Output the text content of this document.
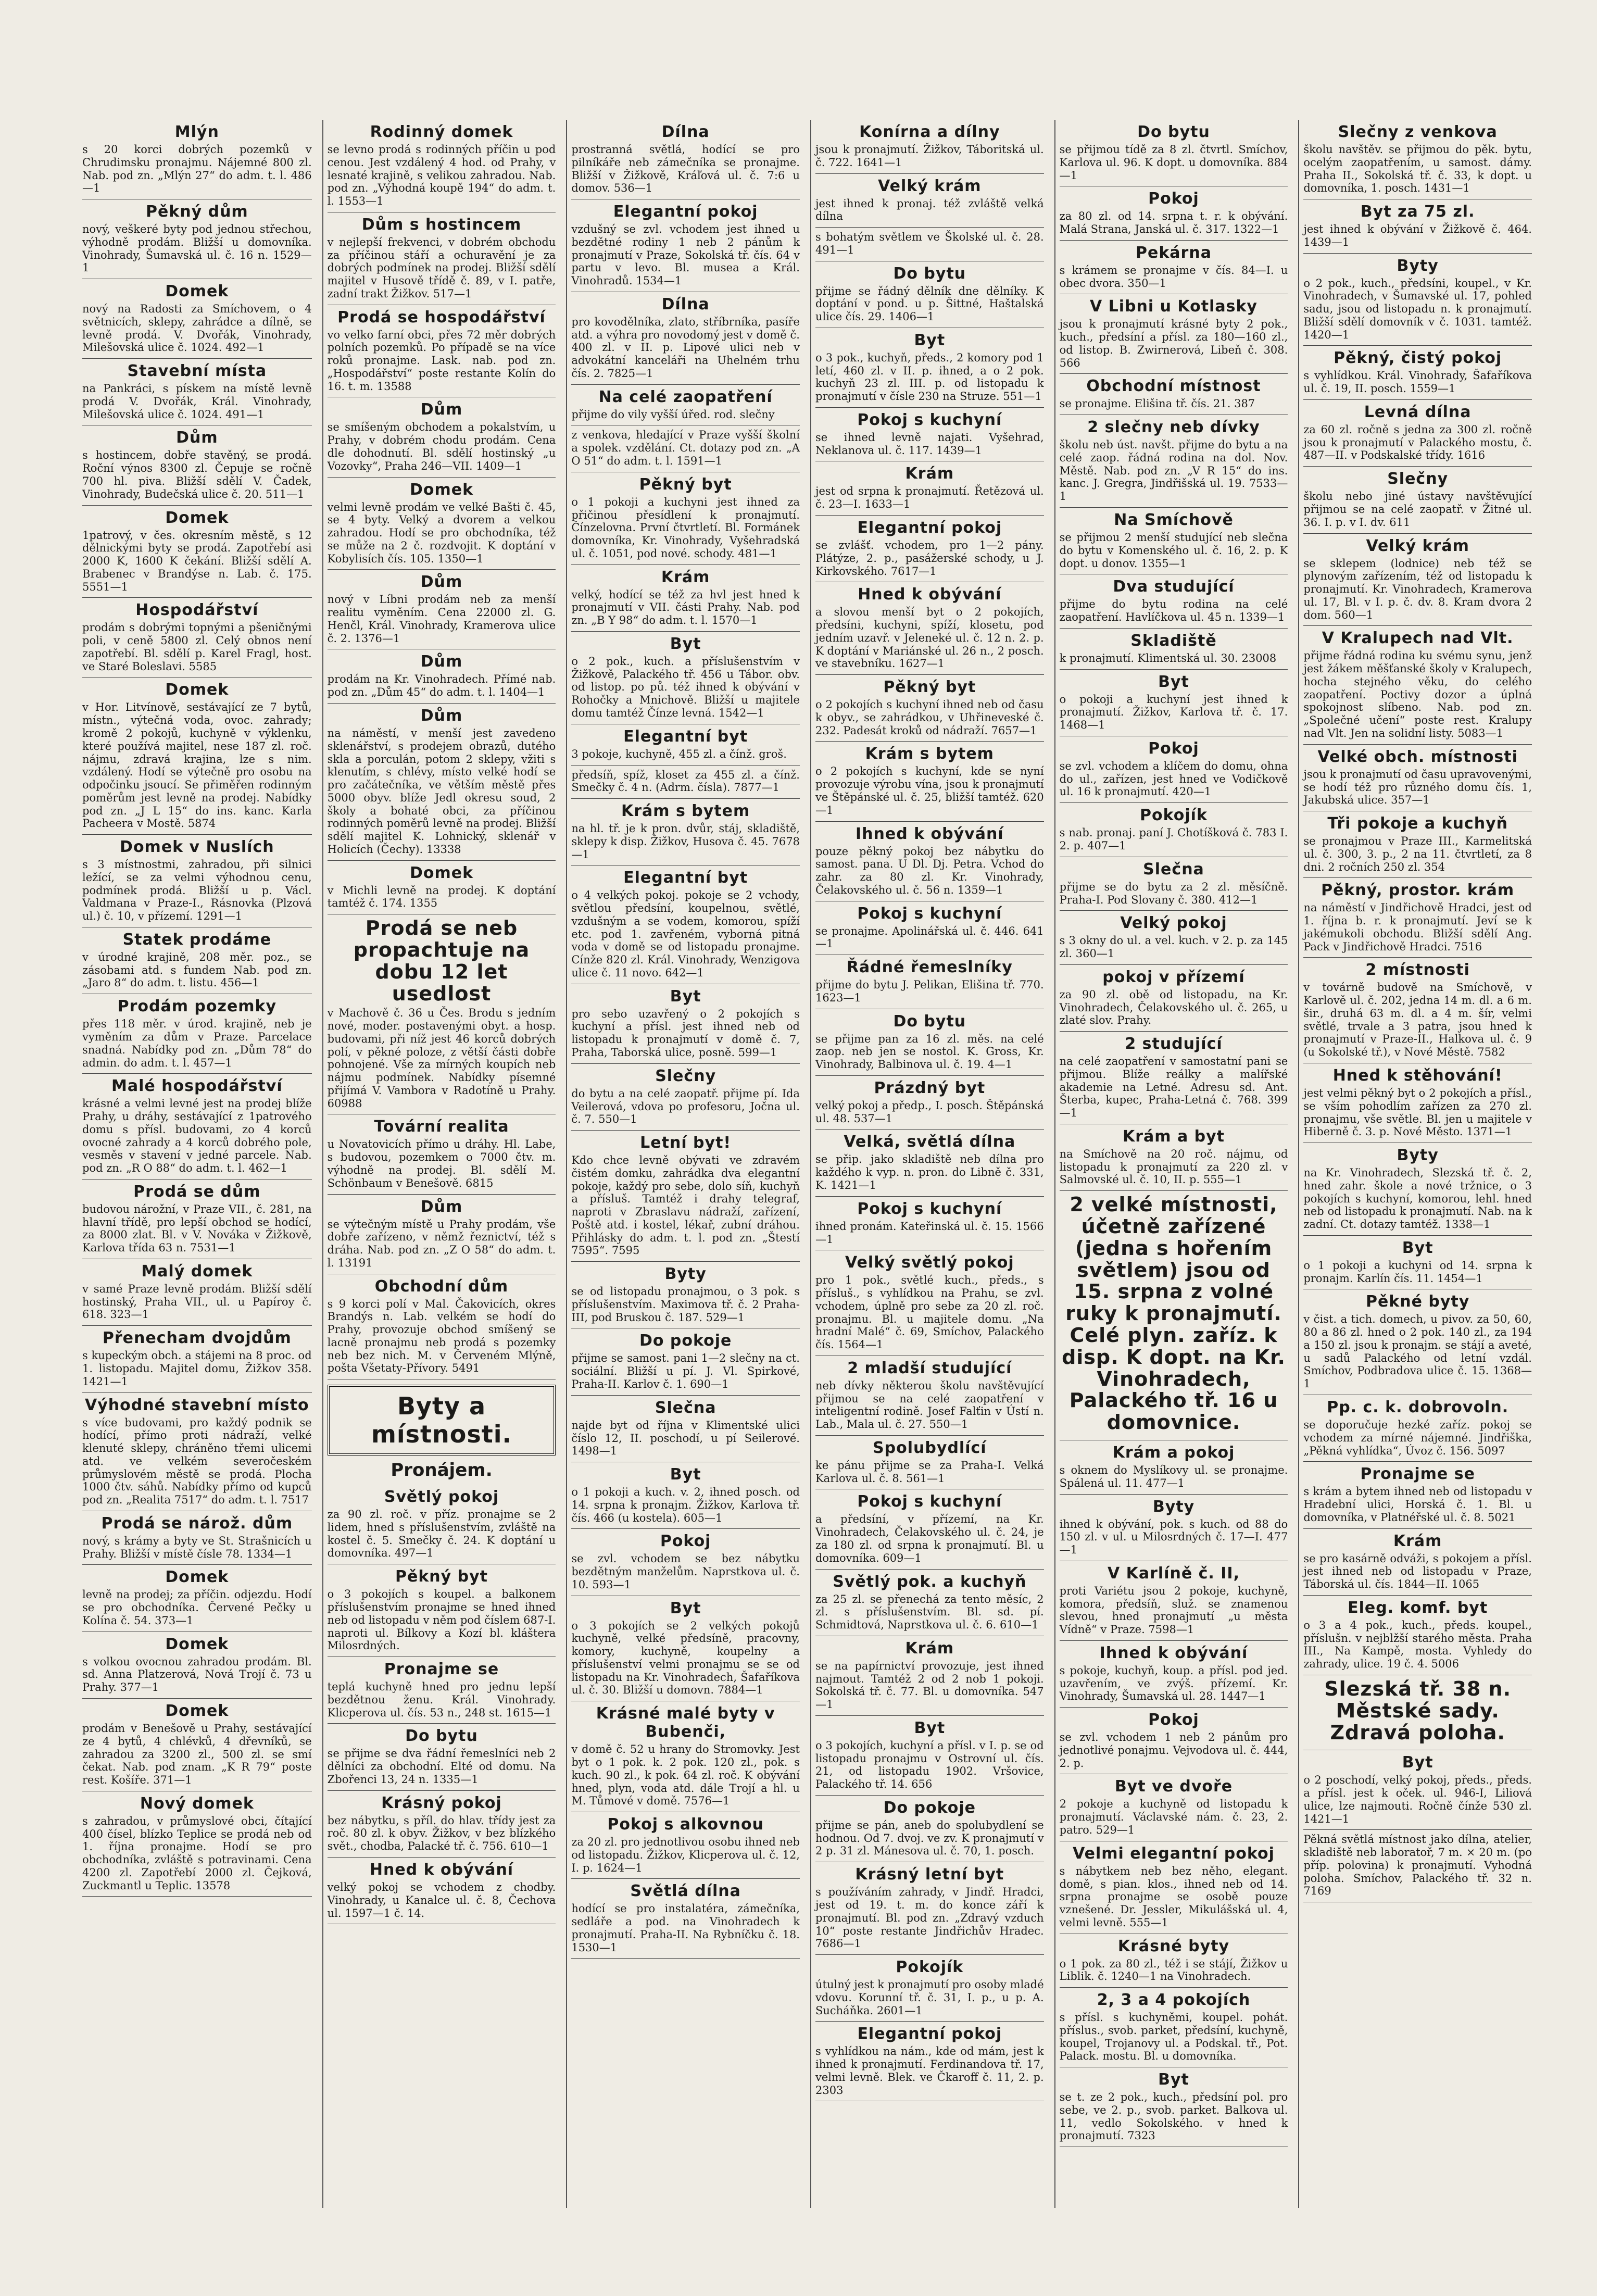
Mlýn

s 20 korci dobrých pozemků v Chrudimsku pronajmu. Nájemné 800 zl. Nab. pod zn. „Mlýn 27“ do adm. t. l. 486—1

Pěkný dům

nový, veškeré byty pod jednou střechou, výhodně prodám. Bližší u domovníka. Vinohrady, Šumavská ul. č. 16 n. 1529—1

Domek

nový na Radosti za Smíchovem, o 4 světnicích, sklepy, zahrádce a dílně, se levně prodá. V. Dvořák, Vinohrady, Milešovská ulice č. 1024. 492—1

Stavební místa

na Pankráci, s pískem na místě levně prodá V. Dvořák, Král. Vinohrady, Milešovská ulice č. 1024. 491—1

Dům

s hostincem, dobře stavěný, se prodá. Roční výnos 8300 zl. Čepuje se ročně 700 hl. piva. Bližší sdělí V. Čadek, Vinohrady, Budečská ulice č. 20. 511—1

Domek

1patrový, v čes. okresním městě, s 12 dělnickými byty se prodá. Zapotřebí asi 2000 K, 1600 K čekání. Bližší sdělí A. Brabenec v Brandýse n. Lab. č. 175. 5551—1

Hospodářství

prodám s dobrými topnými a pšeničnými poli, v ceně 5800 zl. Celý obnos není zapotřebí. Bl. sdělí p. Karel Fragl, host. ve Staré Boleslavi. 5585

Domek

v Hor. Litvínově, sestávající ze 7 bytů, místn., výtečná voda, ovoc. zahrady; kromě 2 pokojů, kuchyně v výklenku, které používá majitel, nese 187 zl. roč. nájmu, zdravá krajina, lze s nim. vzdálený. Hodí se výtečně pro osobu na odpočinku jsoucí. Se přiměřen rodinným poměrům jest levně na prodej. Nabídky pod zn. „J L 15“ do ins. kanc. Karla Pacheera v Mostě. 5874

Domek v Nuslích

s 3 místnostmi, zahradou, při silnici ležící, se za velmi výhodnou cenu, podmínek prodá. Bližší u p. Václ. Valdmana v Praze-I., Rásnovka (Plzová ul.) č. 10, v přízemí. 1291—1

Statek prodáme

v úrodné krajině, 208 měr. poz., se zásobami atd. s fundem Nab. pod zn. „Jaro 8“ do adm. t. listu. 456—1

Prodám pozemky

přes 118 měr. v úrod. krajině, neb je vyměním za dům v Praze. Parcelace snadná. Nabídky pod zn. „Dům 78“ do admin. do adm. t. l. 457—1

Malé hospodářství

krásné a velmi levné jest na prodej blíže Prahy, u dráhy, sestávající z 1patrového domu s přísl. budovami, zo 4 korců ovocné zahrady a 4 korců dobrého pole, vesměs v stavení v jedné parcele. Nab. pod zn. „R O 88“ do adm. t. l. 462—1

Prodá se dům

budovou nárožní, v Praze VII., č. 281, na hlavní třídě, pro lepší obchod se hodící, za 8000 zlat. Bl. v V. Nováka v Žižkově, Karlova třída 63 n. 7531—1

Malý domek

v samé Praze levně prodám. Bližší sdělí hostinský, Praha VII., ul. u Papíroy č. 618. 323—1

Přenecham dvojdům

s kupeckým obch. a stájemi na 8 proc. od 1. listopadu. Majitel domu, Žižkov 358. 1421—1

Výhodné stavební místo

s více budovami, pro každý podnik se hodící, přímo proti nádraží, velké klenuté sklepy, chráněno třemi ulicemi atd. ve velkém severočeském průmyslovém městě se prodá. Plocha 1000 čtv. sáhů. Nabídky přímo od kupců pod zn. „Realita 7517“ do adm. t. l. 7517

Prodá se nárož. dům

nový, s krámy a byty ve St. Strašnicích u Prahy. Bližší v místě čísle 78. 1334—1

Domek

levně na prodej; za příčin. odjezdu. Hodí se pro obchodníka. Červené Pečky u Kolína č. 54. 373—1

Domek

s volkou ovocnou zahradou prodám. Bl. sd. Anna Platzerová, Nová Trojí č. 73 u Prahy. 377—1

Domek

prodám v Benešově u Prahy, sestávající ze 4 bytů, 4 chlévků, 4 dřevníků, se zahradou za 3200 zl., 500 zl. se smí čekat. Nab. pod znam. „K R 79“ poste rest. Košíře. 371—1

Nový domek

s zahradou, v průmyslové obci, čítající 400 čísel, blízko Teplice se prodá neb od 1. října pronajme. Hodí se pro obchodníka, zvláště s potravinami. Cena 4200 zl. Zapotřebí 2000 zl. Čejková, Zuckmantl u Teplic. 13578

Rodinný domek

se levno prodá s rodinných příčin u pod cenou. Jest vzdálený 4 hod. od Prahy, v lesnaté krajině, s velikou zahradou. Nab. pod zn. „Výhodná koupě 194“ do adm. t. l. 1553—1

Dům s hostincem

v nejlepší frekvenci, v dobrém obchodu za příčinou stáří a ochuravění je za dobrých podmínek na prodej. Bližší sdělí majitel v Husově třídě č. 89, v I. patře, zadní trakt Žižkov. 517—1

Prodá se hospodářství

vo velko farní obci, přes 72 měr dobrých polních pozemků. Po případě se na více roků pronajme. Lask. nab. pod zn. „Hospodářství“ poste restante Kolín do 16. t. m. 13588

Dům

se smíšeným obchodem a pokalstvím, u Prahy, v dobrém chodu prodám. Cena dle dohodnutí. Bl. sdělí hostinský „u Vozovky“, Praha 246—VII. 1409—1

Domek

velmi levně prodám ve velké Bašti č. 45, se 4 byty. Velký a dvorem a velkou zahradou. Hodí se pro obchodníka, též se může na 2 č. rozdvojit. K doptání v Kobylisích čís. 105. 1350—1

Dům

nový v Líbni prodám neb za menší realitu vyměním. Cena 22000 zl. G. Henčl, Král. Vinohrady, Kramerova ulice č. 2. 1376—1

Dům

prodám na Kr. Vinohradech. Přímé nab. pod zn. „Dům 45“ do adm. t. l. 1404—1

Dům

na náměstí, v menší jest zavedeno sklenářství, s prodejem obrazů, dutého skla a porculán, potom 2 sklepy, vžiti s klenutím, s chlévy, místo velké hodí se pro začátečníka, ve větším městě přes 5000 obyv. blíže Jedl okresu soud, 2 školy a bohaté obci, za příčinou rodinných poměrů levně na prodej. Bližší sdělí majitel K. Lohnický, sklenář v Holicích (Čechy). 13338

Domek

v Michli levně na prodej. K doptání tamtéž č. 174. 1355

Prodá se neb propachtuje na dobu 12 let usedlost

v Machově č. 36 u Čes. Brodu s jedním nové, moder. postavenými obyt. a hosp. budovami, při níž jest 46 korců dobrých polí, v pěkné poloze, z větší části dobře pohnojené. Vše za mírných koupích neb nájmu podmínek. Nabídky písemné přijímá V. Vambora v Radotíně u Prahy. 60988

Tovární realita

u Novatovicích přímo u dráhy. Hl. Labe, s budovou, pozemkem o 7000 čtv. m. výhodně na prodej. Bl. sdělí M. Schönbaum v Benešově. 6815

Dům

se výtečným místě u Prahy prodám, vše dobře zařízeno, v němž řeznictví, též s dráha. Nab. pod zn. „Z O 58“ do adm. t. l. 13191

Obchodní dům

s 9 korci polí v Mal. Čakovicích, okres Brandýs n. Lab. velkém se hodí do Prahy, provozuje obchod smíšený se lacně pronajmu neb prodá s pozemky neb bez nich. M. v Červeném Mlýně, pošta Všetaty-Přívory. 5491

Byty a místnosti.
Pronájem.
Světlý pokoj

za 90 zl. roč. v příz. pronajme se 2 lidem, hned s příslušenstvím, zvláště na kostel č. 5. Smečky č. 24. K doptání u domovníka. 497—1

Pěkný byt

o 3 pokojích s koupel. a balkonem příslušenstvím pronajme se hned ihned neb od listopadu v něm pod číslem 687-I. naproti ul. Bílkovy a Kozí bl. kláštera Milosrdných.

Pronajme se

teplá kuchyně hned pro jednu lepší bezdětnou ženu. Král. Vinohrady. Klicperova ul. čís. 53 n., 248 st. 1615—1

Do bytu

se přijme se dva řádní řemeslníci neb 2 dělníci za obchodní. Elté od domu. Na Zbořenci 13, 24 n. 1335—1

Krásný pokoj

bez nábytku, s příl. do hlav. třídy jest za roč. 80 zl. k obyv. Žižkov, v bez blízkého svět., chodba, Palacké tř. č. 756. 610—1

Hned k obývání

velký pokoj se vchodem z chodby. Vinohrady, u Kanalce ul. č. 8, Čechova ul. 1597—1 č. 14.

Dílna

prostranná světlá, hodící se pro pilníkáře neb zámečníka se pronajme. Bližší v Žižkově, Kráľová ul. č. 7:6 u domov. 536—1

Elegantní pokoj

vzdušný se zvl. vchodem jest ihned u bezdětné rodiny 1 neb 2 pánům k pronajmutí v Praze, Sokolská tř. čís. 64 v partu v levo. Bl. musea a Král. Vinohradů. 1534—1

Dílna

pro kovodělníka, zlato, stříbrníka, pasíře atd. a výhra pro novodomý jest v domě č. 400 zl. v II. p. Lipové ulici neb v advokátní kanceláři na Uhelném trhu čís. 2. 7825—1

Na celé zaopatření

přijme do vily vyšší úřed. rod. slečny

z venkova, hledající v Praze vyšší školní a spolek. vzdělání. Ct. dotazy pod zn. „A O 51“ do adm. t. l. 1591—1

Pěkný byt

o 1 pokoji a kuchyni jest ihned za přičinou přesídlení k pronajmutí. Čínzelovna. První čtvrtletí. Bl. Formánek domovníka, Kr. Vinohrady, Vyšehradská ul. č. 1051, pod nové. schody. 481—1

Krám

velký, hodící se též za hvl jest hned k pronajmutí v VII. části Prahy. Nab. pod zn. „B Y 98“ do adm. t. l. 1570—1

Byt

o 2 pok., kuch. a příslušenstvím v Žižkově, Palackého tř. 456 u Tábor. obv. od listop. po pů. též ihned k obývání v Rohočky a Mnichově. Bližší u majitele domu tamtéž Čínze levná. 1542—1

Elegantní byt

3 pokoje, kuchyně, 455 zl. a čínž. groš.

předsíň, spíž, kloset za 455 zl. a čínž. Smečky č. 4 n. (Adrm. čísla). 7877—1

Krám s bytem

na hl. tř. je k pron. dvůr, stáj, skladiště, sklepy k disp. Žižkov, Husova č. 45. 7678—1

Elegantní byt

o 4 velkých pokoj. pokoje se 2 vchody, světlou předsíní, koupelnou, světlé, vzdušným a se vodem, komorou, spíží etc. pod 1. zavřeném, vyborná pitná voda v domě se od listopadu pronajme. Cínže 820 zl. Král. Vinohrady, Wenzigova ulice č. 11 novo. 642—1

Byt

pro sebo uzavřený o 2 pokojích s kuchyní a přísl. jest ihned neb od listopadu k pronajmutí v domě č. 7, Praha, Taborská ulice, posně. 599—1

Slečny

do bytu a na celé zaopatř. přijme pí. Ida Veilerová, vdova po profesoru, Jočna ul. č. 7. 550—1

Letní byt!

Kdo chce levně obývati ve zdravém čistém domku, zahrádka dva elegantní pokoje, každý pro sebe, dolo síň, kuchyň a přísluš. Tamtéž i drahy telegraf, naproti v Zbraslavu nádraží, zařízení, Poště atd. i kostel, lékař, zubní dráhou. Přihlásky do adm. t. l. pod zn. „Štestí 7595“. 7595

Byty

se od listopadu pronajmou, o 3 pok. s příslušenstvím. Maximova tř. č. 2 Praha-III, pod Bruskou č. 187. 529—1

Do pokoje

přijme se samost. pani 1—2 slečny na ct. sociální. Bližší u pí. J. Vl. Spirkové, Praha-II. Karlov č. 1. 690—1

Slečna

najde byt od října v Klimentské ulici číslo 12, II. poschodí, u pí Seilerové. 1498—1

Byt

o 1 pokoji a kuch. v. 2, ihned posch. od 14. srpna k pronajm. Žižkov, Karlova tř. čís. 466 (u kostela). 605—1

Pokoj

se zvl. vchodem se bez nábytku bezdětným manželům. Naprstkova ul. č. 10. 593—1

Byt

o 3 pokojích se 2 velkých pokojů kuchyně, velké předsíně, pracovny, komory, kuchyně, koupelny a příslušenství velmi pronajmu se se od listopadu na Kr. Vinohradech, Šafaříkova ul. č. 30. Bližší u domovn. 7884—1

Krásné malé byty v Bubenči,

v domě č. 52 u hrany do Stromovky. Jest byt o 1 pok. k. 2 pok. 120 zl., pok. s kuch. 90 zl., k pok. 64 zl. roč. K obývání hned, plyn, voda atd. dále Trojí a hl. u M. Tůmové v domě. 7576—1

Pokoj s alkovnou

za 20 zl. pro jednotlivou osobu ihned neb od listopadu. Žižkov, Klicperova ul. č. 12, I. p. 1624—1

Světlá dílna

hodící se pro instalatéra, zámečníka, sedláře a pod. na Vinohradech k pronajmutí. Praha-II. Na Rybníčku č. 18. 1530—1

Konírna a dílny

jsou k pronajmutí. Žižkov, Táboritská ul. č. 722. 1641—1

Velký krám

jest ihned k pronaj. též zvláště velká dílna

s bohatým světlem ve Školské ul. č. 28. 491—1

Do bytu

přijme se řádný dělník dne dělníky. K doptání v pond. u p. Šittné, Haštalská ulice čís. 29. 1406—1

Byt

o 3 pok., kuchyň, předs., 2 komory pod 1 letí, 460 zl. v II. p. ihned, a o 2 pok. kuchyň 23 zl. III. p. od listopadu k pronajmutí v čísle 230 na Struze. 551—1

Pokoj s kuchyní

se ihned levně najati. Vyšehrad, Neklanova ul. č. 117. 1439—1

Krám

jest od srpna k pronajmutí. Řetězová ul. č. 23—I. 1633—1

Elegantní pokoj

se zvlášť. vchodem, pro 1—2 pány. Plátýze, 2. p., pasážerské schody, u J. Kirkovského. 7617—1

Hned k obývání

a slovou menší byt o 2 pokojích, předsíni, kuchyni, spíží, klosetu, pod jedním uzavř. v Jeleneké ul. č. 12 n. 2. p. K doptání v Mariánské ul. 26 n., 2 posch. ve stavebníku. 1627—1

Pěkný byt

o 2 pokojích s kuchyní ihned neb od času k obyv., se zahrádkou, v Uhřineveské č. 232. Padesát kroků od nádraží. 7657—1

Krám s bytem

o 2 pokojích s kuchyní, kde se nyní provozuje výrobu vína, jsou k pronajmutí ve Štěpánské ul. č. 25, bližší tamtéž. 620—1

Ihned k obývání

pouze pěkný pokoj bez nábytku do samost. pana. U Dl. Dj. Petra. Vchod do zahr. za 80 zl. Kr. Vinohrady, Čelakovského ul. č. 56 n. 1359—1

Pokoj s kuchyní

se pronajme. Apolinářská ul. č. 446. 641—1

Řádné řemeslníky

přijme do bytu J. Pelikan, Elišina tř. 770. 1623—1

Do bytu

se přijme pan za 16 zl. měs. na celé zaop. neb jen se nostol. K. Gross, Kr. Vinohrady, Balbinova ul. č. 19. 4—1

Prázdný byt

velký pokoj a předp., I. posch. Štěpánská ul. 48. 537—1

Velká, světlá dílna

se přip. jako skladiště neb dílna pro každého k vyp. n. pron. do Libně č. 331, K. 1421—1

Pokoj s kuchyní

ihned pronám. Kateřinská ul. č. 15. 1566—1

Velký světlý pokoj

pro 1 pok., světlé kuch., předs., s přísluš., s vyhlídkou na Prahu, se zvl. vchodem, úplně pro sebe za 20 zl. roč. pronajmu. Bl. u majitele domu. „Na hradní Malé“ č. 69, Smíchov, Palackého čís. 1564—1

2 mladší studující

neb dívky některou školu navštěvující přijmou se na celé zaopatření v inteligentní rodině. Josef Falťin v Ústí n. Lab., Mala ul. č. 27. 550—1

Spolubydlící

ke pánu přijme se za Praha-I. Velká Karlova ul. č. 8. 561—1

Pokoj s kuchyní

a předsíní, v přízemí, na Kr. Vinohradech, Čelakovského ul. č. 24, je za 180 zl. od srpna k pronajmutí. Bl. u domovníka. 609—1

Světlý pok. a kuchyň

za 25 zl. se přenechá za tento měsíc, 2 zl. s příslušenstvím. Bl. sd. pí. Schmidtová, Naprstkova ul. č. 6. 610—1

Krám

se na papírnictví provozuje, jest ihned najmout. Tamtéž 2 od 2 nob 1 pokoji. Sokolská tř. č. 77. Bl. u domovníka. 547—1

Byt

o 3 pokojích, kuchyní a přísl. v I. p. se od listopadu pronajmu v Ostrovní ul. čís. 21, od listopadu 1902. Vršovice, Palackého tř. 14. 656

Do pokoje

přijme se pán, aneb do spolubydlení se hodnou. Od 7. dvoj. ve zv. K pronajmutí v 2 p. 31 zl. Mánesova ul. č. 70, 1. posch.

Krásný letní byt

s používáním zahrady, v Jindř. Hradci, jest od 19. t. m. do konce září k pronajmutí. Bl. pod zn. „Zdravý vzduch 10“ poste restante Jindřichův Hradec. 7686—1

Pokojík

útulný jest k pronajmutí pro osoby mladé vdovu. Korunní tř. č. 31, I. p., u p. A. Sucháňka. 2601—1

Elegantní pokoj

s vyhlídkou na nám., kde od mám, jest k ihned k pronajmutí. Ferdinandova tř. 17, velmi levně. Blek. ve Čkaroff č. 11, 2. p. 2303

Do bytu

se přijmou tídě za 8 zl. čtvrtl. Smíchov, Karlova ul. 96. K dopt. u domovníka. 884—1

Pokoj

za 80 zl. od 14. srpna t. r. k obývání. Malá Strana, Janská ul. č. 317. 1322—1

Pekárna

s krámem se pronajme v čís. 84—I. u obec dvora. 350—1

V Libni u Kotlasky

jsou k pronajmutí krásné byty 2 pok., kuch., předsíní a přísl. za 180—160 zl., od listop. B. Zwirnerová, Libeň č. 308. 566

Obchodní místnost

se pronajme. Elišina tř. čís. 21. 387

2 slečny neb dívky

školu neb úst. navšt. přijme do bytu a na celé zaop. řádná rodina na dol. Nov. Městě. Nab. pod zn. „V R 15“ do ins. kanc. J. Gregra, Jindřišská ul. 19. 7533—1

Na Smíchově

se přijmou 2 menší studující neb slečna do bytu v Komenského ul. č. 16, 2. p. K dopt. u donov. 1355—1

Dva studující

přijme do bytu rodina na celé zaopatření. Havlíčkova ul. 45 n. 1339—1

Skladiště

k pronajmutí. Klimentská ul. 30. 23008

Byt

o pokoji a kuchyní jest ihned k pronajmutí. Žižkov, Karlova tř. č. 17. 1468—1

Pokoj

se zvl. vchodem a klíčem do domu, ohna do ul., zařízen, jest hned ve Vodičkově ul. 16 k pronajmutí. 420—1

Pokojík

s nab. pronaj. paní J. Chotíšková č. 783 I. 2. p. 407—1

Slečna

přijme se do bytu za 2 zl. měsíčně. Praha-I. Pod Slovany č. 380. 412—1

Velký pokoj

s 3 okny do ul. a vel. kuch. v 2. p. za 145 zl. 360—1

pokoj v přízemí

za 90 zl. obě od listopadu, na Kr. Vinohradech, Čelakovského ul. č. 265, u zlaté slov. Prahy.

2 studující

na celé zaopatření v samostatní pani se přijmou. Blíže reálky a malířské akademie na Letné. Adresu sd. Ant. Šterba, kupec, Praha-Letná č. 768. 399—1

Krám a byt

na Smíchově na 20 roč. nájmu, od listopadu k pronajmutí za 220 zl. v Salmovské ul. č. 10, II. p. 555—1

2 velké místnosti, účetně zařízené (jedna s hořením světlem) jsou od 15. srpna z volné ruky k pronajmutí. Celé plyn. zaříz. k disp. K dopt. na Kr. Vinohradech, Palackého tř. 16 u domovnice.
Krám a pokoj

s oknem do Myslíkovy ul. se pronajme. Spálená ul. 11. 477—1

Byty

ihned k obývání, pok. s kuch. od 88 do 150 zl. v ul. u Milosrdných č. 17—I. 477—1

V Karlíně č. II,

proti Variétu jsou 2 pokoje, kuchyně, komora, předsíň, služ. se znamenou slevou, hned pronajmutí „u města Vídně“ v Praze. 7598—1

Ihned k obývání

s pokoje, kuchyň, koup. a přísl. pod jed. uzavřením, ve zvýš. přízemí. Kr. Vinohrady, Šumavská ul. 28. 1447—1

Pokoj

se zvl. vchodem 1 neb 2 pánům pro jednotlivé ponajmu. Vejvodova ul. č. 444, 2. p.

Byt ve dvoře

2 pokoje a kuchyně od listopadu k pronajmutí. Václavské nám. č. 23, 2. patro. 529—1

Velmi elegantní pokoj

s nábytkem neb bez něho, elegant. domě, s pian. klos., ihned neb od 14. srpna pronajme se osobě pouze vznešené. Dr. Jessler, Mikulášská ul. 4, velmi levně. 555—1

Krásné byty

o 1 pok. za 80 zl., též i se stájí, Žižkov u Liblik. č. 1240—1 na Vinohradech.

2, 3 a 4 pokojích

s přísl. s kuchyněmi, koupel. pohát. příslus., svob. parket, předsíní, kuchyně, koupel, Trojanovy ul. a Podskal. tř., Pot. Palack. mostu. Bl. u domovníka.

Byt

se t. ze 2 pok., kuch., předsíní pol. pro sebe, ve 2. p., svob. parket. Balkova ul. 11, vedlo Sokolského. v hned k pronajmutí. 7323

Slečny z venkova

školu navštěv. se přijmou do pěk. bytu, ocelým zaopatřením, u samost. dámy. Praha II., Sokolská tř. č. 33, k dopt. u domovníka, 1. posch. 1431—1

Byt za 75 zl.

jest ihned k obývání v Žižkově č. 464. 1439—1

Byty

o 2 pok., kuch., předsíni, koupel., v Kr. Vinohradech, v Šumavské ul. 17, pohled sadu, jsou od listopadu n. k pronajmutí. Bližší sdělí domovník v č. 1031. tamtéž. 1420—1

Pěkný, čistý pokoj

s vyhlídkou. Král. Vinohrady, Šafaříkova ul. č. 19, II. posch. 1559—1

Levná dílna

za 60 zl. ročně s jedna za 300 zl. ročně jsou k pronajmutí v Palackého mostu, č. 487—II. v Podskalské třídy. 1616

Slečny

školu nebo jiné ústavy navštěvující přijmou se na celé zaopatř. v Žitné ul. 36. I. p. v I. dv. 611

Velký krám

se sklepem (lodnice) neb též se plynovým zařízením, též od listopadu k pronajmutí. Kr. Vinohradech, Kramerova ul. 17, Bl. v I. p. č. dv. 8. Kram dvora 2 dom. 560—1

V Kralupech nad Vlt.

přijme řádná rodina ku svému synu, jenž jest žákem měšťanské školy v Kralupech, hocha stejného věku, do celého zaopatření. Poctivy dozor a úplná spokojnost slíbeno. Nab. pod zn. „Společné učení“ poste rest. Kralupy nad Vlt. Jen na solidní listy. 5083—1

Velké obch. místnosti

jsou k pronajmutí od času upravovenými, se hodí též pro různého domu čís. 1, Jakubská ulice. 357—1

Tři pokoje a kuchyň

se pronajmou v Praze III., Karmelitská ul. č. 300, 3. p., 2 na 11. čtvrtletí, za 8 dni. 2 ročních 250 zl. 354

Pěkný, prostor. krám

na náměstí v Jindřichově Hradci, jest od 1. října b. r. k pronajmutí. Jeví se k jakémukoli obchodu. Bližší sdělí Ang. Pack v Jindřichově Hradci. 7516

2 místnosti

v továrně budově na Smíchově, v Karlově ul. č. 202, jedna 14 m. dl. a 6 m. šir., druhá 63 m. dl. a 4 m. šír, velmi světlé, trvale a 3 patra, jsou hned k pronajmutí v Praze-II., Halkova ul. č. 9 (u Sokolské tř.), v Nové Městě. 7582

Hned k stěhování!

jest velmi pěkný byt o 2 pokojích a přísl., se vším pohodlím zařízen za 270 zl. pronajmu, vše světle. Bl. jen u majitele v Hiberně č. 3. p. Nové Město. 1371—1

Byty

na Kr. Vinohradech, Slezská tř. č. 2, hned zahr. škole a nové tržnice, o 3 pokojích s kuchyní, komorou, lehl. hned neb od listopadu k pronajmutí. Nab. na k zadní. Ct. dotazy tamtéž. 1338—1

Byt

o 1 pokoji a kuchyni od 14. srpna k pronajm. Karlín čís. 11. 1454—1

Pěkné byty

v čist. a tich. domech, u pivov. za 50, 60, 80 a 86 zl. hned o 2 pok. 140 zl., za 194 a 150 zl. jsou k pronajm. se stájí a aveté, u sadů Palackého od letní vzdál. Smíchov, Podbradova ulice č. 15. 1368—1

Pp. c. k. dobrovoln.

se doporučuje hezké zaříz. pokoj se vchodem za mírné nájemné. Jindřiška, „Pěkná vyhlídka“, Úvoz č. 156. 5097

Pronajme se

s krám a bytem ihned neb od listopadu v Hradební ulici, Horská č. 1. Bl. u domovníka, v Platnéřské ul. č. 8. 5021

Krám

se pro kasárně odváži, s pokojem a přísl. jest ihned neb od listopadu v Praze, Táborská ul. čís. 1844—II. 1065

Eleg. komf. byt

o 3 a 4 pok., kuch., předs. koupel., příslušn. v nejblžší starého města. Praha III., Na Kampě, mosta. Vyhledy do zahrady, ulice. 19 č. 4. 5006

Slezská tř. 38 n. Městské sady. Zdravá poloha.
Byt

o 2 poschodí, velký pokoj, předs., předs. a přísl. jest k oček. ul. 946-I, Liliová ulice, lze najmouti. Ročně čínže 530 zl. 1421—1

Pěkná světlá místnost jako dílna, atelier, skladiště neb laboratoř, 7 m. × 20 m. (po příp. polovina) k pronajmutí. Vyhodná poloha. Smíchov, Palackého tř. 32 n. 7169
